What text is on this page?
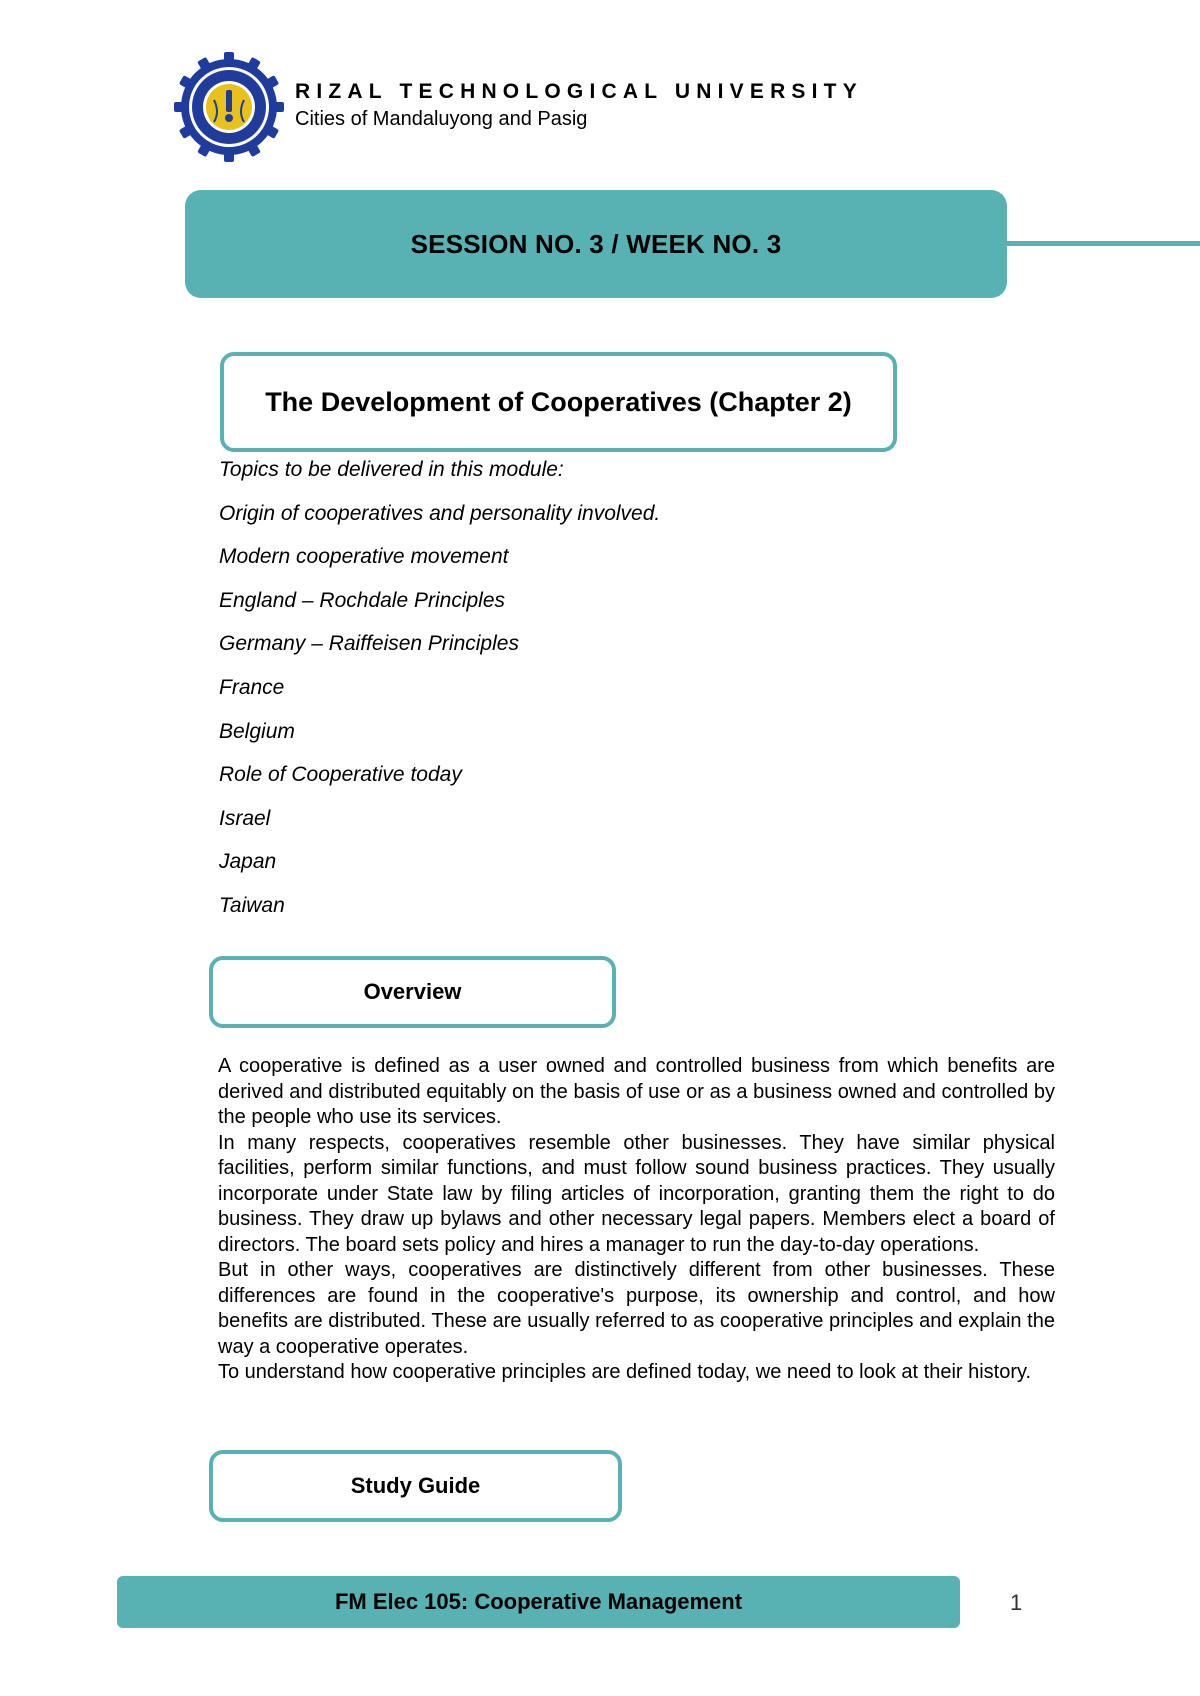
RIZAL TECHNOLOGICAL UNIVERSITY
Cities of Mandaluyong and Pasig
SESSION NO. 3 / WEEK NO. 3
The Development of Cooperatives (Chapter 2)
Topics to be delivered in this module:
Origin of cooperatives and personality involved.
Modern cooperative movement
England – Rochdale Principles
Germany – Raiffeisen Principles
France
Belgium
Role of Cooperative today
Israel
Japan
Taiwan
Overview

A cooperative is defined as a user owned and controlled business from which benefits are derived and distributed equitably on the basis of use or as a business owned and controlled by the people who use its services.

In many respects, cooperatives resemble other businesses. They have similar physical facilities, perform similar functions, and must follow sound business practices. They usually incorporate under State law by filing articles of incorporation, granting them the right to do business. They draw up bylaws and other necessary legal papers. Members elect a board of directors. The board sets policy and hires a manager to run the day-to-day operations.

But in other ways, cooperatives are distinctively different from other businesses. These differences are found in the cooperative's purpose, its ownership and control, and how benefits are distributed. These are usually referred to as cooperative principles and explain the way a cooperative operates.

To understand how cooperative principles are defined today, we need to look at their history.

Study Guide
FM Elec 105: Cooperative Management	1
